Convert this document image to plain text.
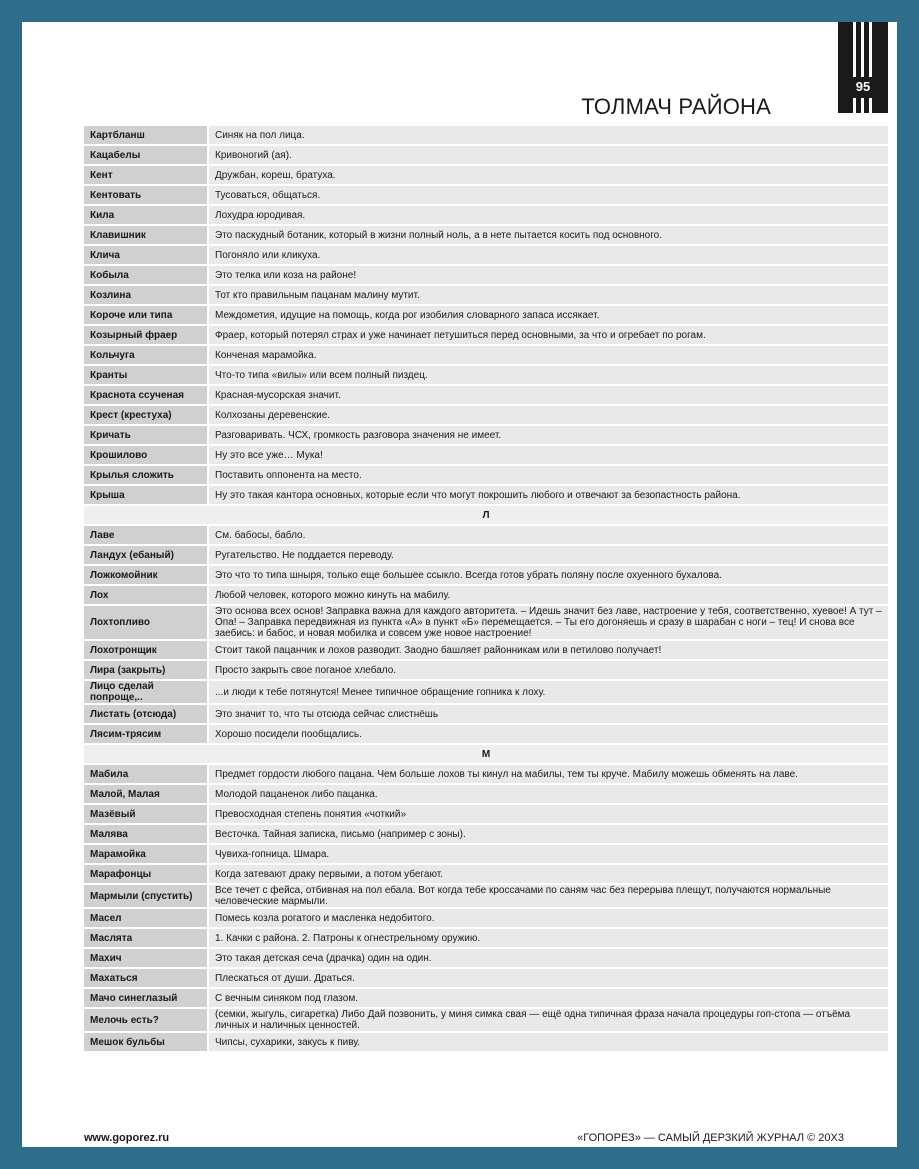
95
ТОЛМАЧ РАЙОНА
Картбланш	Синяк на пол лица.
Кацабелы	Кривоногий (ая).
Кент	Дружбан, кореш, братуха.
Кентовать	Тусоваться, общаться.
Кила	Лохудра юродивая.
Клавишник	Это паскудный ботаник, который в жизни полный ноль, а в нете пытается косить под основного.
Клича	Погоняло или кликуха.
Кобыла	Это телка или коза на районе!
Козлина	Тот кто правильным пацанам малину мутит.
Короче или типа	Междометия, идущие на помощь, когда рог изобилия словарного запаса иссякает.
Козырный фраер	Фраер, который потерял страх и уже начинает петушиться перед основными, за что и огребает по рогам.
Кольчуга	Конченая марамойка.
Кранты	Что-то типа «вилы» или всем полный пиздец.
Краснота ссученая	Красная-мусорская значит.
Крест (крестуха)	Колхозаны деревенские.
Кричать	Разговаривать. ЧСХ, громкость разговора значения не имеет.
Крошилово	Ну это все уже… Мука!
Крылья сложить	Поставить оппонента на место.
Крыша	Ну это такая кантора основных, которые если что могут покрошить любого и отвечают за безопастность района.
Л	
Лаве	См. бабосы, бабло.
Ландух (ебаный)	Ругательство. Не поддается переводу.
Ложкомойник	Это что то типа шныря, только еще большее ссыкло. Всегда готов убрать поляну после охуенного бухалова.
Лох	Любой человек, которого можно кинуть на мабилу.
Лохтопливо	Это основа всех основ! Заправка важна для каждого авторитета. – Идешь значит без лаве, настроение у тебя, соответственно, хуевое! А тут – Опа! – Заправка передвижная из пункта «А» в пункт «Б» перемещается. – Ты его догоняешь и сразу в шарабан с ноги – тец! И снова все заебись: и бабос, и новая мобилка и совсем уже новое настроение!
Лохотронщик	Стоит такой пацанчик и лохов разводит. Заодно башляет районникам или в петилово получает!
Лира (закрыть)	Просто закрыть свое поганое хлебало.
Лицо сделай попроще,..	...и люди к тебе потянутся! Менее типичное обращение гопника к лоху.
Листать (отсюда)	Это значит то, что ты отсюда сейчас слистнёшь
Лясим-трясим	Хорошо посидели пообщались.
М	
Мабила	Предмет гордости любого пацана. Чем больше лохов ты кинул на мабилы, тем ты круче. Мабилу можешь обменять на лаве.
Малой, Малая	Молодой пацаненок либо пацанка.
Мазёвый	Превосходная степень понятия «чоткий»
Малява	Весточка. Тайная записка, письмо (например с зоны).
Марамойка	Чувиха-гопница. Шмара.
Марафонцы	Когда затевают драку первыми, а потом убегают.
Мармыли (спустить)	Все течет с фейса, отбивная на пол ебала. Вот когда тебе кроссачами по саням час без перерыва плещут, получаются нормальные человеческие мармыли.
Масел	Помесь козла рогатого и масленка недобитого.
Маслята	1. Качки с района. 2. Патроны к огнестрельному оружию.
Махич	Это такая детская сеча (драчка) один на один.
Махаться	Плескаться от души. Драться.
Мачо синеглазый	С вечным синяком под глазом.
Мелочь есть?	(семки, жыгуль, сигаретка) Либо Дай позвонить, у миня симка свая — ещё одна типичная фраза начала процедуры гоп-стопа — отъёма личных и наличных ценностей.
Мешок бульбы	Чипсы, сухарики, закусь к пиву.
www.goporez.ru	«ГОПОРЕЗ» — САМЫЙ ДЕРЗКИЙ ЖУРНАЛ © 20X3
